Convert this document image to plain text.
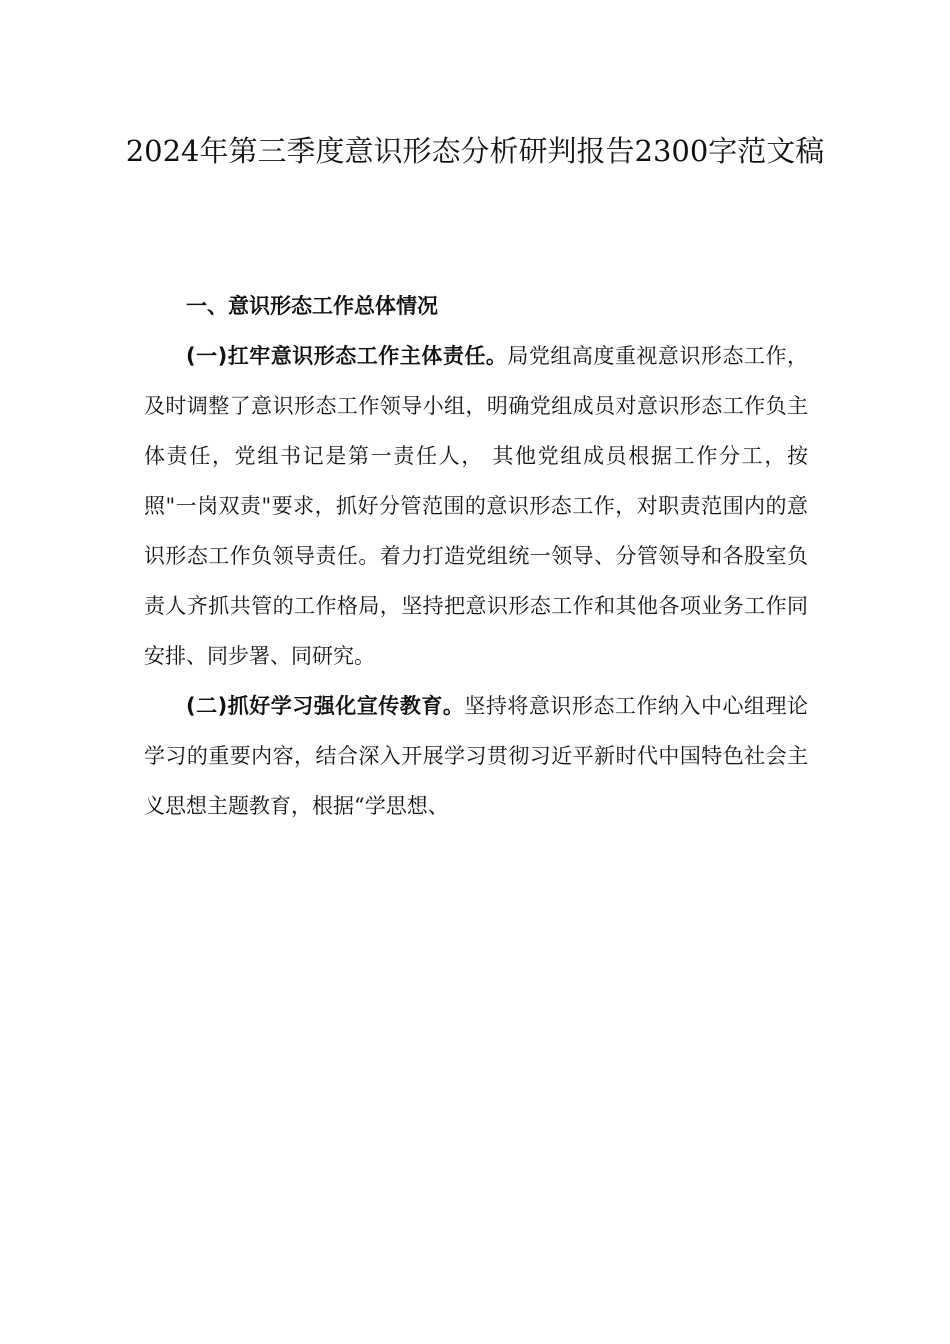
2024年第三季度意识形态分析研判报告2300字范文稿

一、意识形态工作总体情况

(一)扛牢意识形态工作主体责任。局党组高度重视意识形态工作，及时调整了意识形态工作领导小组，明确党组成员对意识形态工作负主体责任，党组书记是第一责任人， 其他党组成员根据工作分工，按照"一岗双责"要求，抓好分管范围的意识形态工作，对职责范围内的意识形态工作负领导责任。着力打造党组统一领导、分管领导和各股室负责人齐抓共管的工作格局，坚持把意识形态工作和其他各项业务工作同安排、同步署、同研究。

(二)抓好学习强化宣传教育。坚持将意识形态工作纳入中心组理论学习的重要内容，结合深入开展学习贯彻习近平新时代中国特色社会主义思想主题教育，根据“学思想、
